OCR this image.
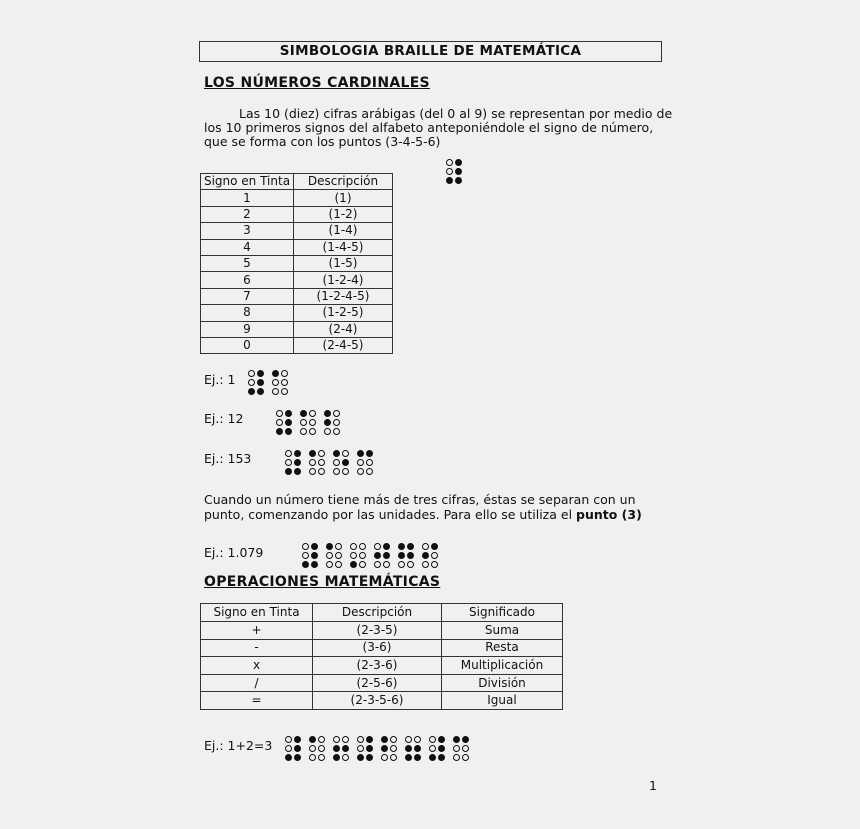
SIMBOLOGIA BRAILLE DE MATEMÁTICA
LOS NÚMEROS CARDINALES
Las 10 (diez) cifras arábigas (del 0 al 9) se representan por medio de
los 10 primeros signos del alfabeto anteponiéndole el signo de número,
que se forma con los puntos (3-4-5-6)
Signo en Tinta	Descripción
1	(1)
2	(1-2)
3	(1-4)
4	(1-4-5)
5	(1-5)
6	(1-2-4)
7	(1-2-4-5)
8	(1-2-5)
9	(2-4)
0	(2-4-5)
Ej.: 1
Ej.: 12
Ej.: 153
Cuando un número tiene más de tres cifras, éstas se separan con un
punto, comenzando por las unidades. Para ello se utiliza el punto (3)
Ej.: 1.079
OPERACIONES MATEMÁTICAS
Signo en Tinta	Descripción	Significado
+	(2-3-5)	Suma
-	(3-6)	Resta
x	(2-3-6)	Multiplicación
/	(2-5-6)	División
=	(2-3-5-6)	Igual
Ej.: 1+2=3
1
